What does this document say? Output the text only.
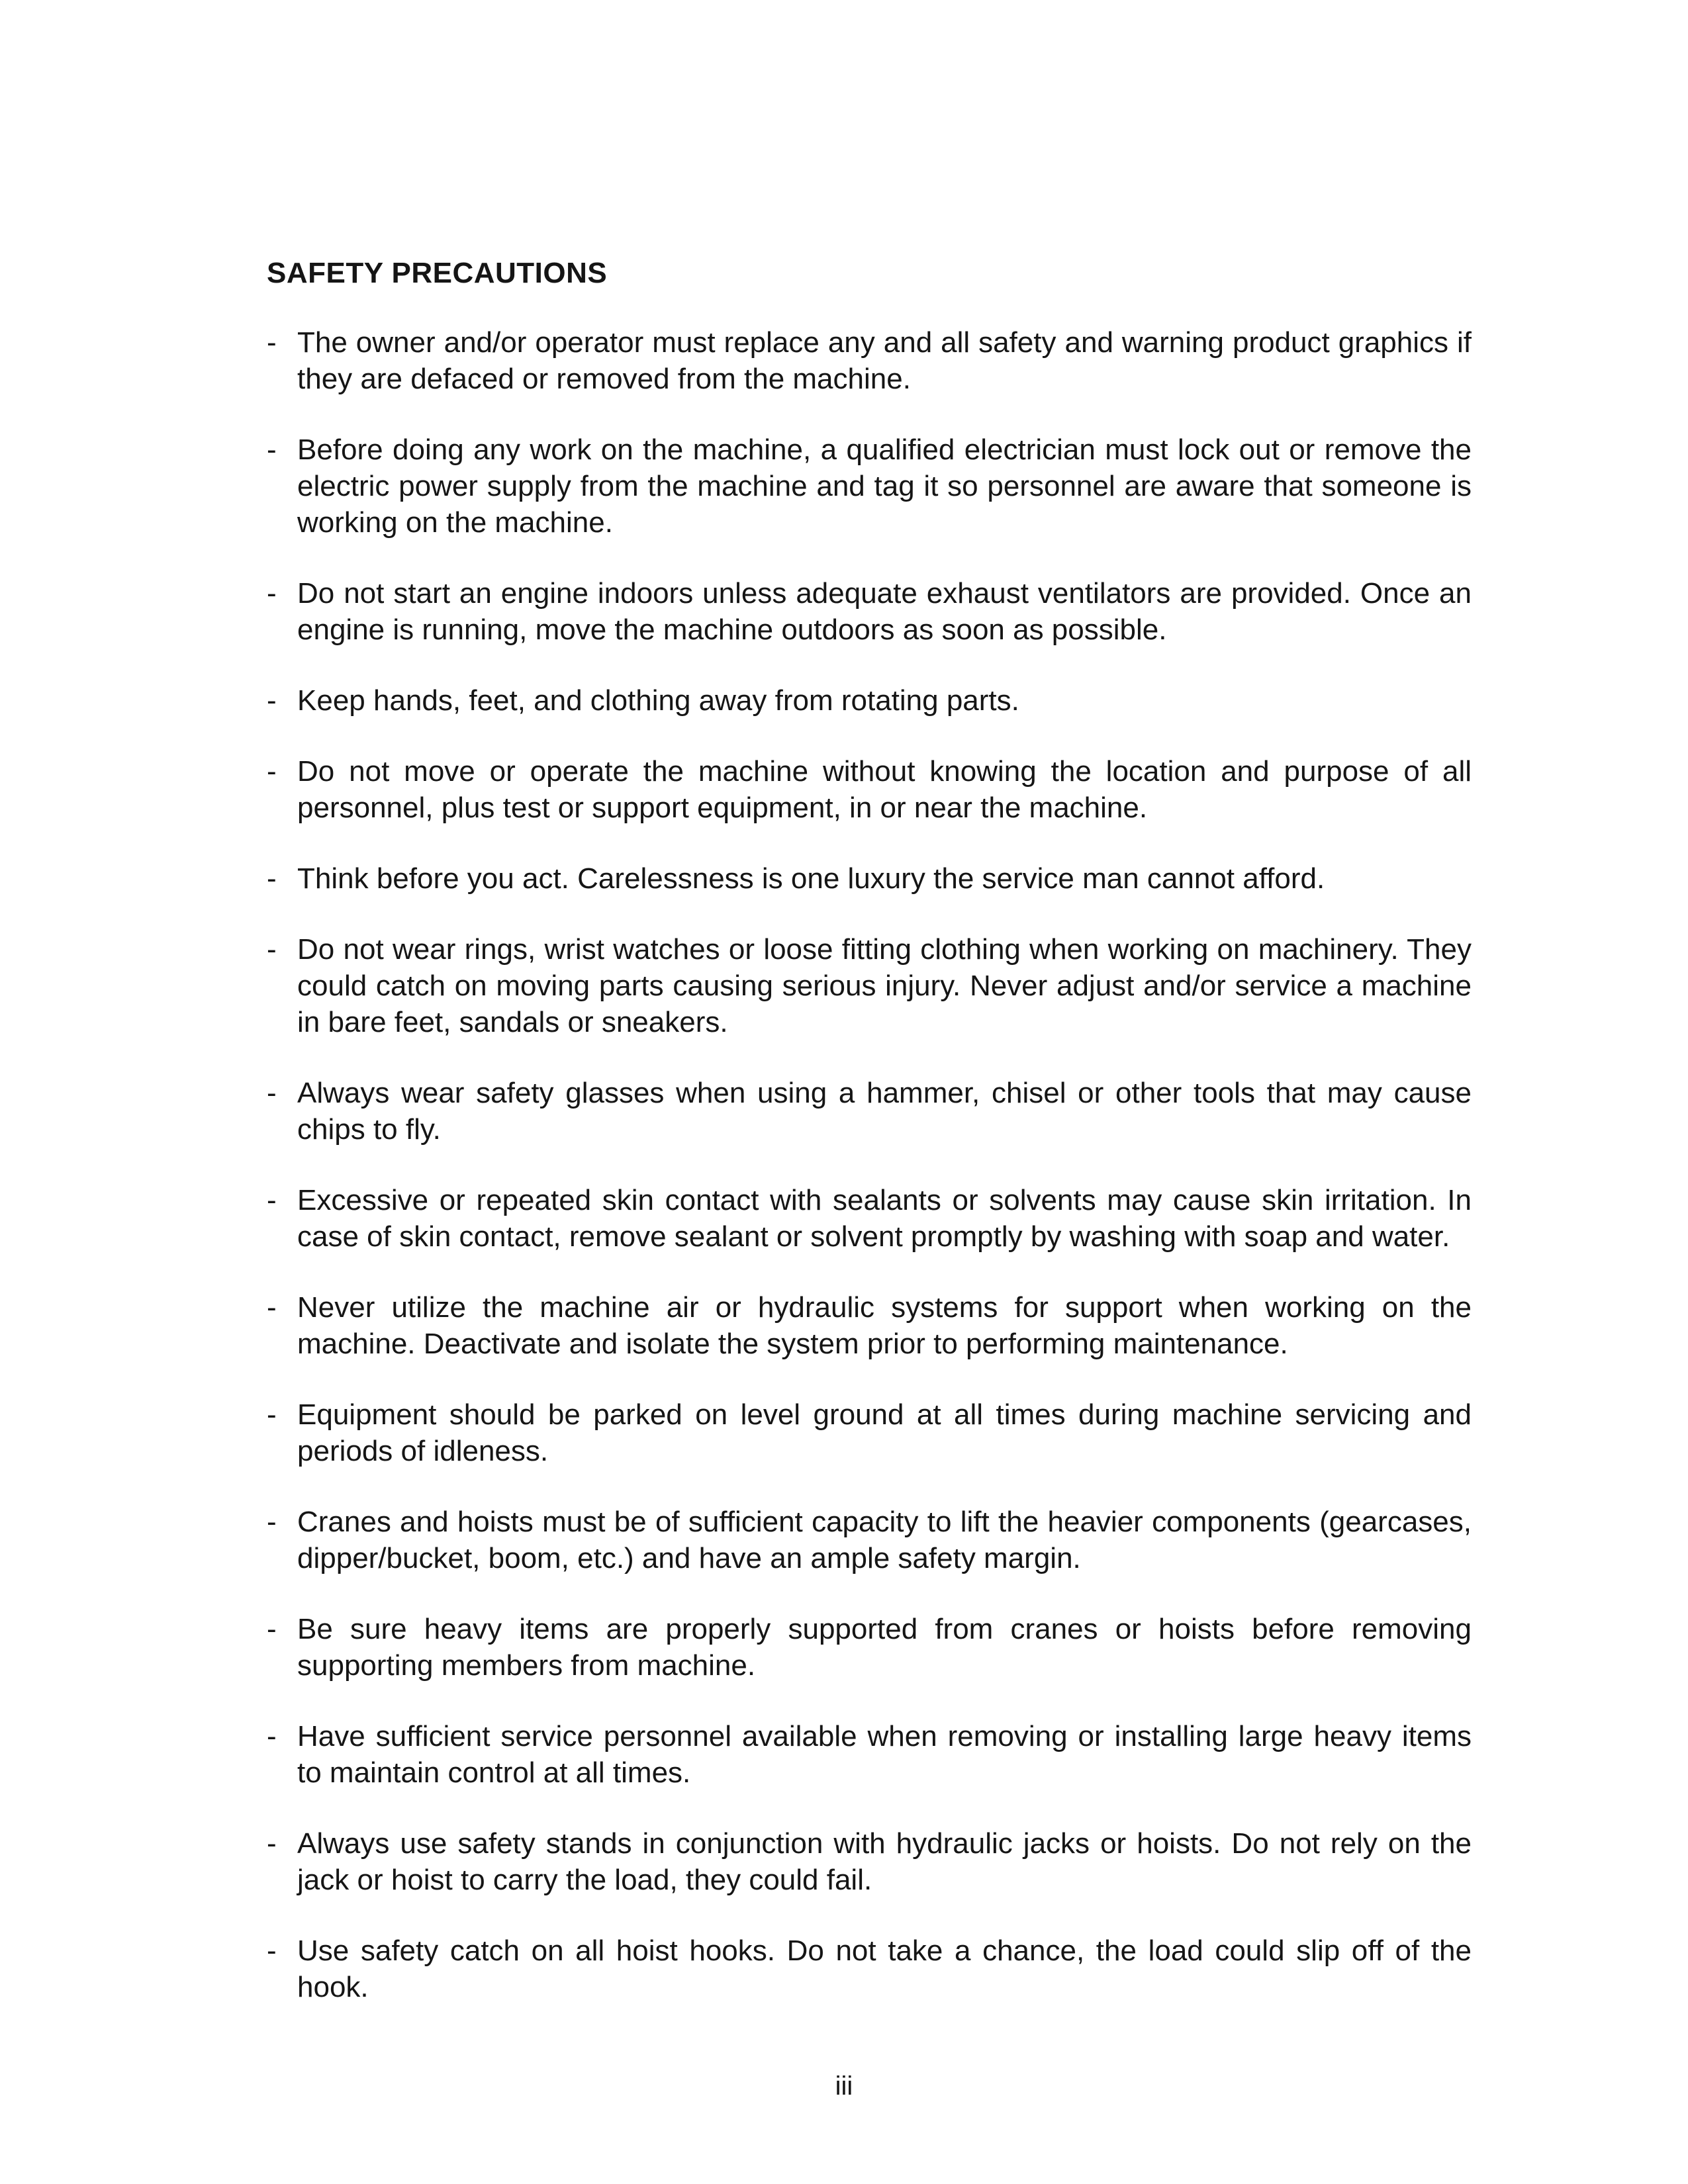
SAFETY PRECAUTIONS
- The owner and/or operator must replace any and all safety and warning product graphics if they are defaced or removed from the machine.
- Before doing any work on the machine, a qualified electrician must lock out or remove the electric power supply from the machine and tag it so personnel are aware that someone is working on the machine.
- Do not start an engine indoors unless adequate exhaust ventilators are provided. Once an engine is running, move the machine outdoors as soon as possible.
- Keep hands, feet, and clothing away from rotating parts.
- Do not move or operate the machine without knowing the location and purpose of all personnel, plus test or support equipment, in or near the machine.
- Think before you act. Carelessness is one luxury the service man cannot afford.
- Do not wear rings, wrist watches or loose fitting clothing when working on machinery. They could catch on moving parts causing serious injury. Never adjust and/or service a machine in bare feet, sandals or sneakers.
- Always wear safety glasses when using a hammer, chisel or other tools that may cause chips to fly.
- Excessive or repeated skin contact with sealants or solvents may cause skin irritation. In case of skin contact, remove sealant or solvent promptly by washing with soap and water.
- Never utilize the machine air or hydraulic systems for support when working on the machine. Deactivate and isolate the system prior to performing maintenance.
- Equipment should be parked on level ground at all times during machine servicing and periods of idleness.
- Cranes and hoists must be of sufficient capacity to lift the heavier components (gearcases, dipper/bucket, boom, etc.) and have an ample safety margin.
- Be sure heavy items are properly supported from cranes or hoists before removing supporting members from machine.
- Have sufficient service personnel available when removing or installing large heavy items to maintain control at all times.
- Always use safety stands in conjunction with hydraulic jacks or hoists. Do not rely on the jack or hoist to carry the load, they could fail.
- Use safety catch on all hoist hooks. Do not take a chance, the load could slip off of the hook.
iii
